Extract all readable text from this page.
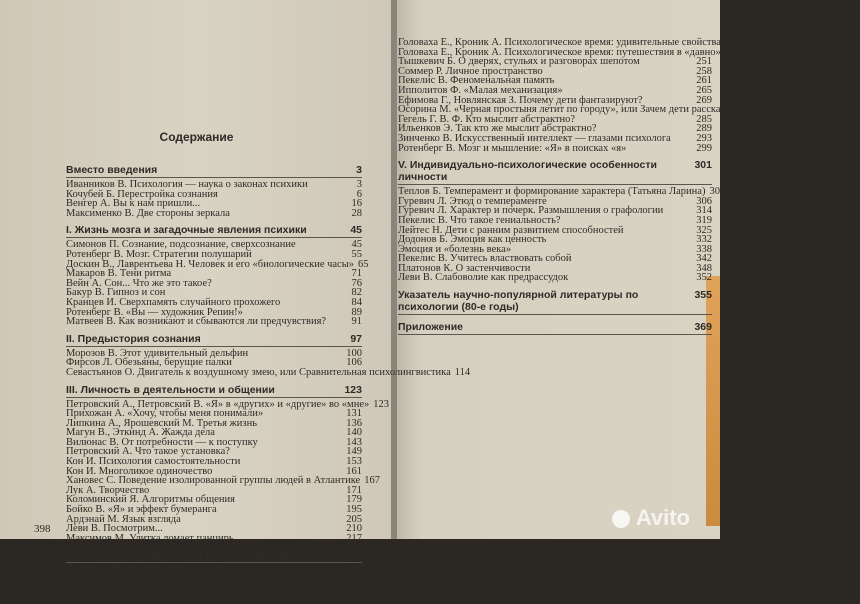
Содержание
Вместо введения	3
Иванников В. Психология — наука о законах психики	3
Кочубей Б. Перестройка сознания	6
Венгер А. Вы к нам пришли...	16
Максименко В. Две стороны зеркала	28
I. Жизнь мозга и загадочные явления психики	45
Симонов П. Сознание, подсознание, сверхсознание	45
Ротенберг В. Мозг. Стратегии полушарий	55
Доскин В., Лаврентьева Н. Человек и его «биологические часы» 65
Макаров В. Тени ритма	71
Вейн А. Сон... Что же это такое?	76
Бакур В. Гипноз и сон	82
Кранцев И. Сверхпамять случайного прохожего	84
Ротенберг В. «Вы — художник Репин!»	89
Матвеев В. Как возникают и сбываются ли предчувствия?	91
II. Предыстория сознания	97
Морозов В. Этот удивительный дельфин	100
Фирсов Л. Обезьяны, берущие палки	106
Севастьянов О. Двигатель к воздушному змею, или Сравнительная психолингвистика 114
III. Личность в деятельности и общении	123
Петровский А., Петровский В. «Я» в «других» и «другие» во «мне» 123
Прихожан А. «Хочу, чтобы меня понимали»	131
Липкина А., Ярошевский М. Третья жизнь	136
Магун В., Эткинд А. Жажда дела	140
Вилюнас В. От потребности — к поступку	143
Петровский А. Что такое установка?	149
Кон И. Психология самостоятельности	153
Кон И. Многоликое одиночество	161
Хановес С. Поведение изолированной группы людей в Атлантике 167
Лук А. Творчество	171
Коломинский Я. Алгоритмы общения	179
Бойко В. «Я» и эффект бумеранга	195
Ардэнай М. Язык взгляда	205
Леви В. Посмотрим...	210
Максимов М. Улитка ломает панцирь	217
IV. Психические процессы в познании мира	222
Федотова Н. На цвет товарищи есть	222
Журавлев А. Какого цвета звук А?	229
Самое загадочное чувство (По материалам иностранной печати) 235
Кузнецов О., Лебедев В. Одиночество	235
Головаха Е., Кроник А. Психологическое время: удивительные свойства сжиматься и прерываться 239
Головаха Е., Кроник А. Психологическое время: путешествия в «давно» и «не скоро» 250
Тышкевич Б. О дверях, стульях и разговорах шепотом	251
Соммер Р. Личное пространство	258
Пекелис В. Феноменальная память	261
Ипполитов Ф. «Малая механизация»	265
Ефимова Г., Новлянская З. Почему дети фантазируют?	269
Осорина М. «Черная простыня летит по городу», или Зачем дети рассказывают страшные истории 275
Гегель Г. В. Ф. Кто мыслит абстрактно?	285
Ильенков Э. Так кто же мыслит абстрактно?	289
Зинченко В. Искусственный интеллект — глазами психолога	293
Ротенберг В. Мозг и мышление: «Я» в поисках «я»	299
V. Индивидуально-психологические особенности личности
301
Теплов Б. Темперамент и формирование характера (Татьяна Ларина) 301
Гуревич Л. Этюд о темпераменте	306
Гуревич Л. Характер и почерк. Размышления о графологии	314
Пекелис В. Что такое гениальность?	319
Лейтес Н. Дети с ранним развитием способностей	325
Додонов Б. Эмоция как ценность	332
Эмоция и «болезнь века»	338
Пекелис В. Учитесь властвовать собой	342
Платонов К. О застенчивости	348
Леви В. Слабоволие как предрассудок	352
Указатель научно-популярной литературы по психологии (80-е годы)
355
Приложение	369
398	Avito
